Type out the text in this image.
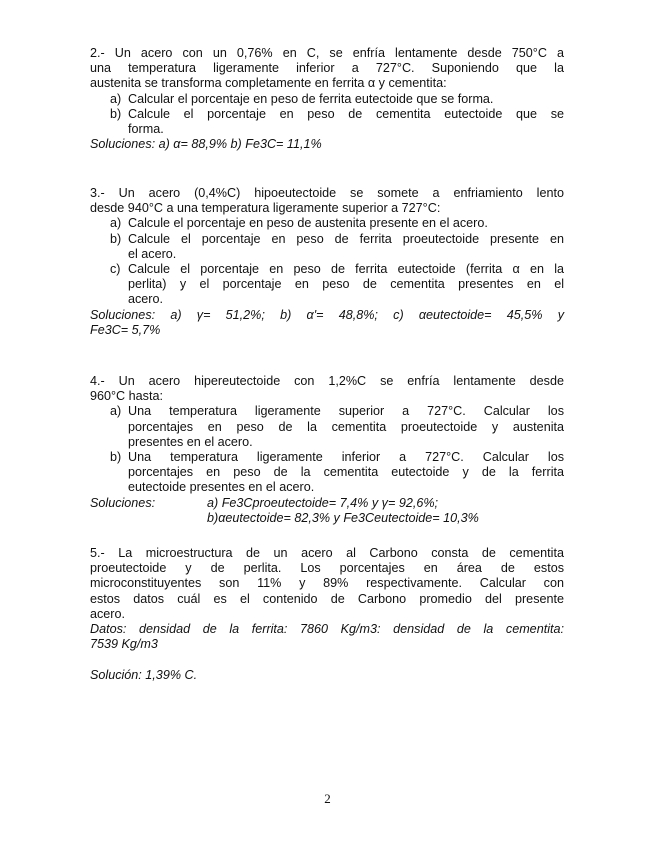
2.- Un acero con un 0,76% en C, se enfría lentamente desde 750°C a

una temperatura ligeramente inferior a 727°C. Suponiendo que la

austenita se transforma completamente en ferrita α y cementita:

a) Calcular el porcentaje en peso de ferrita eutectoide que se forma.

b) Calcule el porcentaje en peso de cementita eutectoide que se

forma.

Soluciones: a) α= 88,9% b) Fe3C= 11,1%

3.- Un acero (0,4%C) hipoeutectoide se somete a enfriamiento lento

desde 940°C a una temperatura ligeramente superior a 727°C:

a) Calcule el porcentaje en peso de austenita presente en el acero.

b) Calcule el porcentaje en peso de ferrita proeutectoide presente en

el acero.

c) Calcule el porcentaje en peso de ferrita eutectoide (ferrita α en la

perlita) y el porcentaje en peso de cementita presentes en el

acero.

Soluciones: a) γ= 51,2%; b) α'= 48,8%; c) αeutectoide= 45,5% y

Fe3C= 5,7%

4.- Un acero hipereutectoide con 1,2%C se enfría lentamente desde

960°C hasta:

a) Una temperatura ligeramente superior a 727°C. Calcular los

porcentajes en peso de la cementita proeutectoide y austenita

presentes en el acero.

b) Una temperatura ligeramente inferior a 727°C. Calcular los

porcentajes en peso de la cementita eutectoide y de la ferrita

eutectoide presentes en el acero.

Soluciones:	a) Fe3Cproeutectoide= 7,4% y γ= 92,6%;
b)αeutectoide= 82,3% y Fe3Ceutectoide= 10,3%

5.- La microestructura de un acero al Carbono consta de cementita

proeutectoide y de perlita. Los porcentajes en área de estos

microconstituyentes son 11% y 89% respectivamente. Calcular con

estos datos cuál es el contenido de Carbono promedio del presente

acero.

Datos: densidad de la ferrita: 7860 Kg/m3: densidad de la cementita:

7539 Kg/m3

Solución: 1,39% C.

2
